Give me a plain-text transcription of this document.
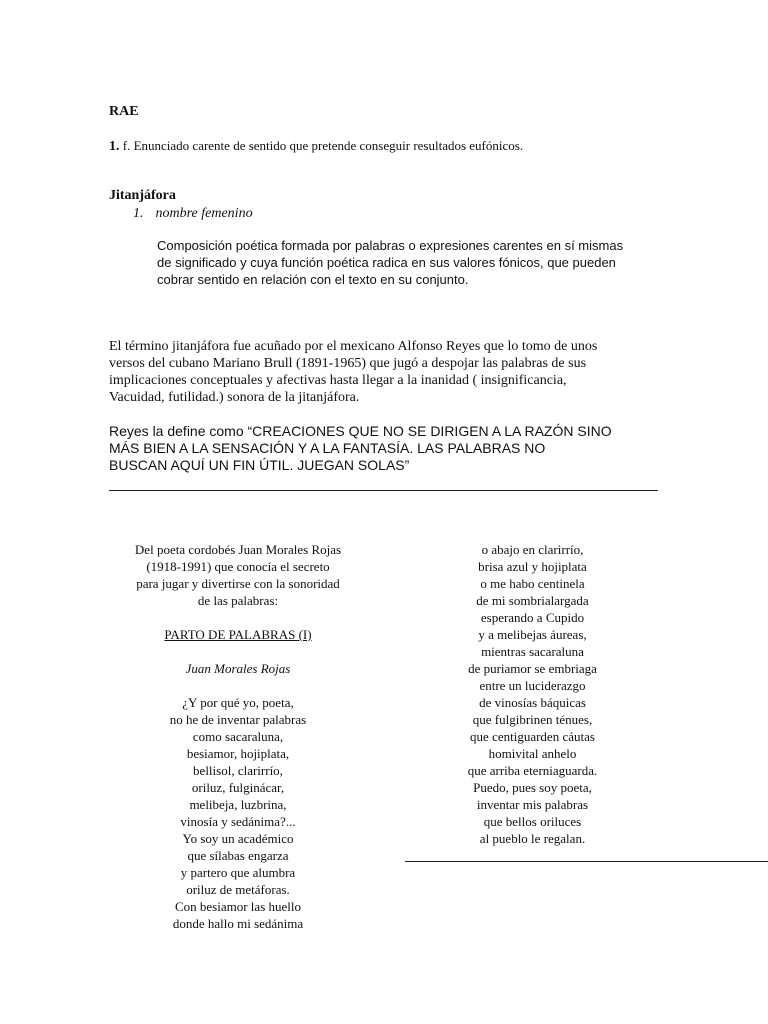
RAE
1. f. Enunciado carente de sentido que pretende conseguir resultados eufónicos.
Jitanjáfora
1. nombre femenino
Composición poética formada por palabras o expresiones carentes en sí mismas
de significado y cuya función poética radica en sus valores fónicos, que pueden
cobrar sentido en relación con el texto en su conjunto.
El término jitanjáfora fue acuñado por el mexicano Alfonso Reyes que lo tomo de unos
versos del cubano Mariano Brull (1891-1965) que jugó a despojar las palabras de sus
implicaciones conceptuales y afectivas hasta llegar a la inanidad ( insignificancia,
Vacuidad, futilidad.) sonora de la jitanjáfora.
Reyes la define como “CREACIONES QUE NO SE DIRIGEN A LA RAZÓN SINO
MÁS BIEN A LA SENSACIÓN Y A LA FANTASÍA. LAS PALABRAS NO
BUSCAN AQUÍ UN FIN ÚTIL. JUEGAN SOLAS”
Del poeta cordobés Juan Morales Rojas
(1918-1991) que conocía el secreto
para jugar y divertirse con la sonoridad
de las palabras:
PARTO DE PALABRAS (I)
Juan Morales Rojas
¿Y por qué yo, poeta,
no he de inventar palabras
como sacaraluna,
besiamor, hojiplata,
bellisol, clarirrío,
oriluz, fulginácar,
melibeja, luzbrina,
vinosía y sedánima?...
Yo soy un académico
que sílabas engarza
y partero que alumbra
oriluz de metáforas.
Con besiamor las huello
donde hallo mi sedánima
o abajo en clarirrío,
brisa azul y hojiplata
o me habo centinela
de mi sombrialargada
esperando a Cupido
y a melibejas áureas,
mientras sacaraluna
de puriamor se embriaga
entre un luciderazgo
de vinosías báquicas
que fulgibrinen ténues,
que centiguarden cáutas
homivital anhelo
que arriba eterniaguarda.
Puedo, pues soy poeta,
inventar mis palabras
que bellos oriluces
al pueblo le regalan.
